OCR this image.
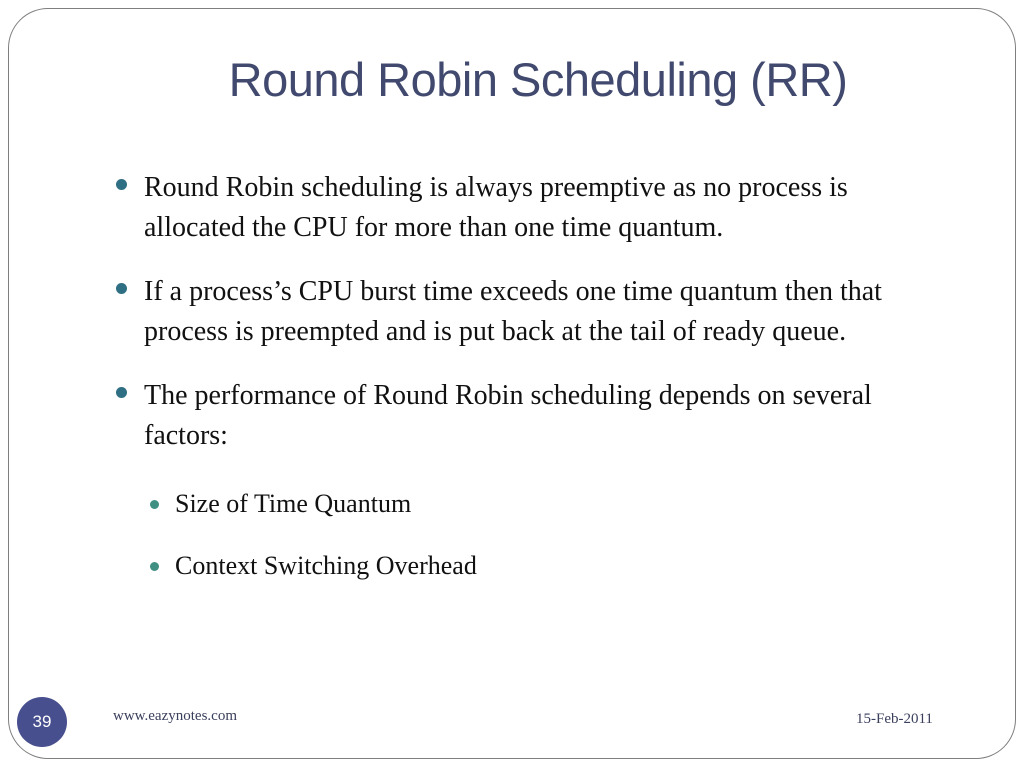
Round Robin Scheduling (RR)
Round Robin scheduling is always preemptive as no process is allocated the CPU for more than one time quantum.
If a process’s CPU burst time exceeds one time quantum then that process is preempted and is put back at the tail of ready queue.
The performance of Round Robin scheduling depends on several factors:
Size of Time Quantum
Context Switching Overhead
39	www.eazynotes.com	15-Feb-2011
